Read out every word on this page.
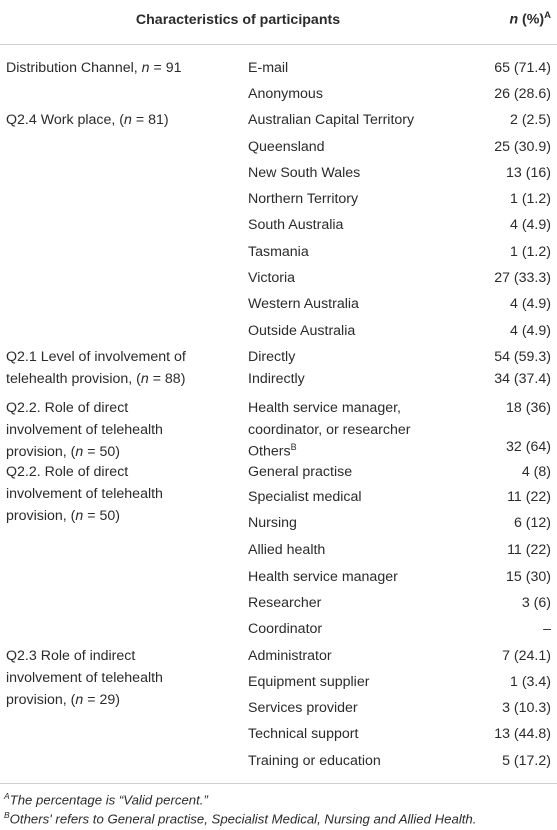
Characteristics of participants	n (%)$^A$
Distribution Channel, n = 91
Q2.4 Work place, (n = 81)
Q2.1 Level of involvement of
telehealth provision, (n = 88)
Q2.2. Role of direct
involvement of telehealth
provision, (n = 50)
Q2.2. Role of direct
involvement of telehealth
provision, (n = 50)
Q2.3 Role of indirect
involvement of telehealth
provision, (n = 29)
E-mail
Anonymous
Australian Capital Territory
Queensland
New South Wales
Northern Territory
South Australia
Tasmania
Victoria
Western Australia
Outside Australia
Directly
Indirectly
Health service manager,
coordinator, or researcher
Others$^B$
General practise
Specialist medical
Nursing
Allied health
Health service manager
Researcher
Coordinator
Administrator
Equipment supplier
Services provider
Technical support
Training or education
65 (71.4)
26 (28.6)
2 (2.5)
25 (30.9)
13 (16)
1 (1.2)
4 (4.9)
1 (1.2)
27 (33.3)
4 (4.9)
4 (4.9)
54 (59.3)
34 (37.4)
18 (36)
32 (64)
4 (8)
11 (22)
6 (12)
11 (22)
15 (30)
3 (6)
–
7 (24.1)
1 (3.4)
3 (10.3)
13 (44.8)
5 (17.2)
$^A$The percentage is “Valid percent.”
$^B$Others' refers to General practise, Specialist Medical, Nursing and Allied Health.
